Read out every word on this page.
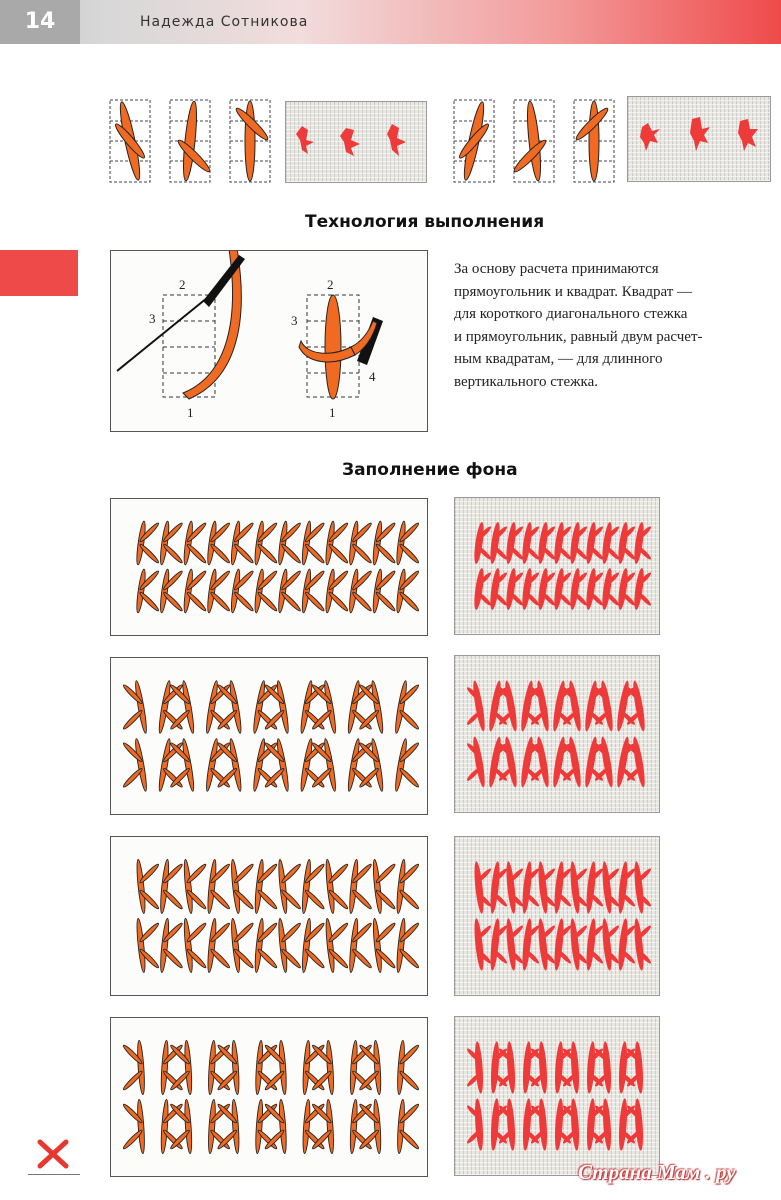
14	Надежда Сотникова
Технология выполнения
2
3
1
2
3
4
1

За основу расчета принимаются

прямоугольник и квадрат. Квадрат —

для короткого диагонального стежка

и прямоугольник, равный двум расчет-

ным квадратам, — для длинного

вертикального стежка.

Заполнение фона
Страна Мам . ру
